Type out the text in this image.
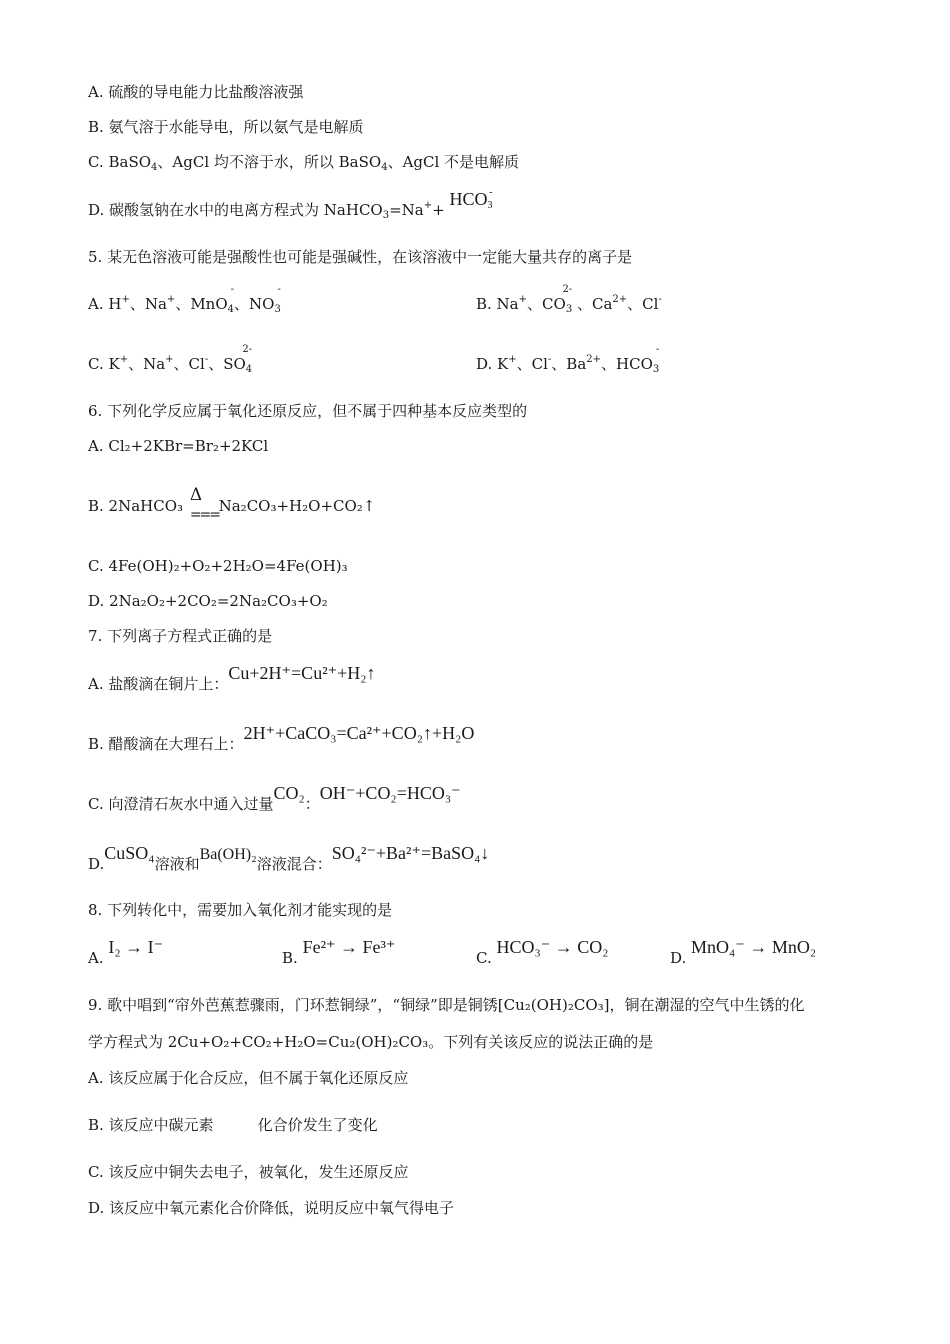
A. 硫酸的导电能力比盐酸溶液强
B. 氨气溶于水能导电，所以氨气是电解质
C. BaSO$_4$、AgCl 均不溶于水，所以 BaSO$_4$、AgCl 不是电解质
D. 碳酸氢钠在水中的电离方程式为 NaHCO$_3$=Na++ HCO -
3
5. 某无色溶液可能是强酸性也可能是强碱性，在该溶液中一定能大量共存的离子是
A. H+、Na+、MnO
-
$_4$、NO
-
$_3$	B. Na+、CO
2-
$_3$ 、$Ca^{2+}$、Cl-
C. K+、Na+、Cl-、SO
2-
$_4$	D. K+、Cl-、$Ba^{2+}$、HCO
-
$_3$
6. 下列化学反应属于氧化还原反应，但不属于四种基本反应类型的
A. Cl₂+2KBr=Br₂+2KCl
B. 2NaHCO₃
Δ
=== Na₂CO₃+H₂O+CO₂↑
C. 4Fe(OH)₂+O₂+2H₂O=4Fe(OH)₃
D. 2Na₂O₂+2CO₂=2Na₂CO₃+O₂
7. 下列离子方程式正确的是
A. 盐酸滴在铜片上：Cu+2H⁺=Cu²⁺+H₂↑
B. 醋酸滴在大理石上：2H⁺+CaCO₃=Ca²⁺+CO₂↑+H₂O
C. 向澄清石灰水中通入过量CO₂：OH⁻+CO₂=HCO₃⁻
D.CuSO₄溶液和Ba(OH)₂溶液混合：SO₄²⁻+Ba²⁺=BaSO₄↓
8. 下列转化中，需要加入氧化剂才能实现的是
A. I₂ → I⁻
B. Fe²⁺ → Fe³⁺
C. HCO₃⁻ → CO₂
D. MnO₄⁻ → MnO₂
9. 歌中唱到“帘外芭蕉惹骤雨，门环惹铜绿”，“铜绿”即是铜锈[Cu₂(OH)₂CO₃]，铜在潮湿的空气中生锈的化
学方程式为 2Cu+O₂+CO₂+H₂O=Cu₂(OH)₂CO₃。下列有关该反应的说法正确的是
A. 该反应属于化合反应，但不属于氧化还原反应
B. 该反应中碳元素	化合价发生了变化
C. 该反应中铜失去电子，被氧化，发生还原反应
D. 该反应中氧元素化合价降低，说明反应中氧气得电子
